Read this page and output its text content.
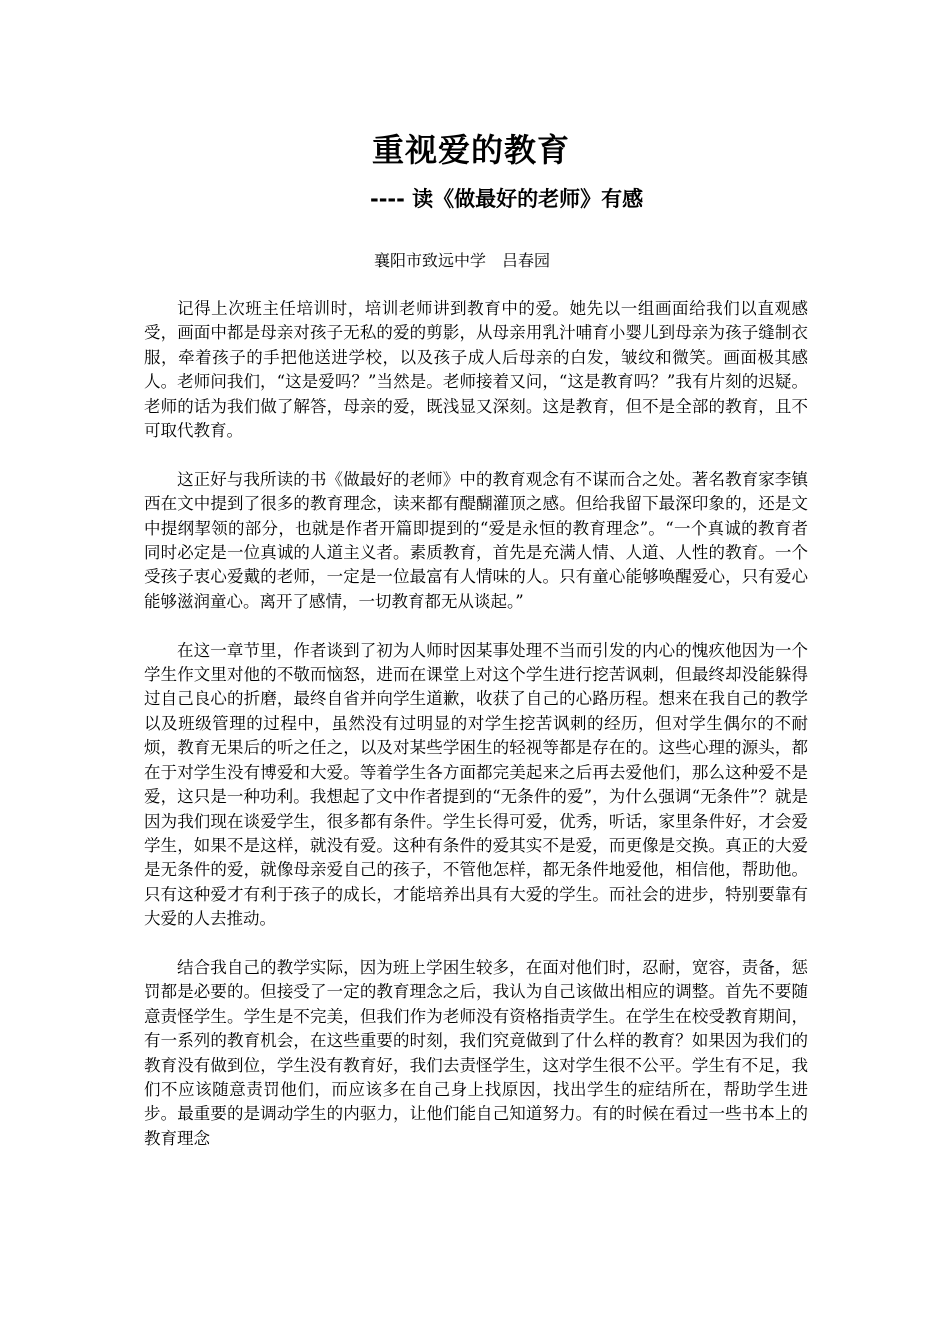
重视爱的教育
---- 读《做最好的老师》有感

襄阳市致远中学　吕春园

记得上次班主任培训时，培训老师讲到教育中的爱。她先以一组画面给我们以直观感受，画面中都是母亲对孩子无私的爱的剪影，从母亲用乳汁哺育小婴儿到母亲为孩子缝制衣服，牵着孩子的手把他送进学校，以及孩子成人后母亲的白发，皱纹和微笑。画面极其感人。老师问我们，“这是爱吗？”当然是。老师接着又问，“这是教育吗？”我有片刻的迟疑。老师的话为我们做了解答，母亲的爱，既浅显又深刻。这是教育，但不是全部的教育，且不可取代教育。

这正好与我所读的书《做最好的老师》中的教育观念有不谋而合之处。著名教育家李镇西在文中提到了很多的教育理念，读来都有醍醐灌顶之感。但给我留下最深印象的，还是文中提纲挈领的部分，也就是作者开篇即提到的“爱是永恒的教育理念”。“一个真诚的教育者同时必定是一位真诚的人道主义者。素质教育，首先是充满人情、人道、人性的教育。一个受孩子衷心爱戴的老师，一定是一位最富有人情味的人。只有童心能够唤醒爱心，只有爱心能够滋润童心。离开了感情，一切教育都无从谈起。”

在这一章节里，作者谈到了初为人师时因某事处理不当而引发的内心的愧疚他因为一个学生作文里对他的不敬而恼怒，进而在课堂上对这个学生进行挖苦讽刺，但最终却没能躲得过自己良心的折磨，最终自省并向学生道歉，收获了自己的心路历程。想来在我自己的教学以及班级管理的过程中，虽然没有过明显的对学生挖苦讽刺的经历，但对学生偶尔的不耐烦，教育无果后的听之任之，以及对某些学困生的轻视等都是存在的。这些心理的源头，都在于对学生没有博爱和大爱。等着学生各方面都完美起来之后再去爱他们，那么这种爱不是爱，这只是一种功利。我想起了文中作者提到的“无条件的爱”，为什么强调“无条件”？就是因为我们现在谈爱学生，很多都有条件。学生长得可爱，优秀，听话，家里条件好，才会爱学生，如果不是这样，就没有爱。这种有条件的爱其实不是爱，而更像是交换。真正的大爱是无条件的爱，就像母亲爱自己的孩子，不管他怎样，都无条件地爱他，相信他，帮助他。只有这种爱才有利于孩子的成长，才能培养出具有大爱的学生。而社会的进步，特别要靠有大爱的人去推动。

结合我自己的教学实际，因为班上学困生较多，在面对他们时，忍耐，宽容，责备，惩罚都是必要的。但接受了一定的教育理念之后，我认为自己该做出相应的调整。首先不要随意责怪学生。学生是不完美，但我们作为老师没有资格指责学生。在学生在校受教育期间，有一系列的教育机会，在这些重要的时刻，我们究竟做到了什么样的教育？如果因为我们的教育没有做到位，学生没有教育好，我们去责怪学生，这对学生很不公平。学生有不足，我们不应该随意责罚他们，而应该多在自己身上找原因，找出学生的症结所在，帮助学生进步。最重要的是调动学生的内驱力，让他们能自己知道努力。有的时候在看过一些书本上的教育理念
